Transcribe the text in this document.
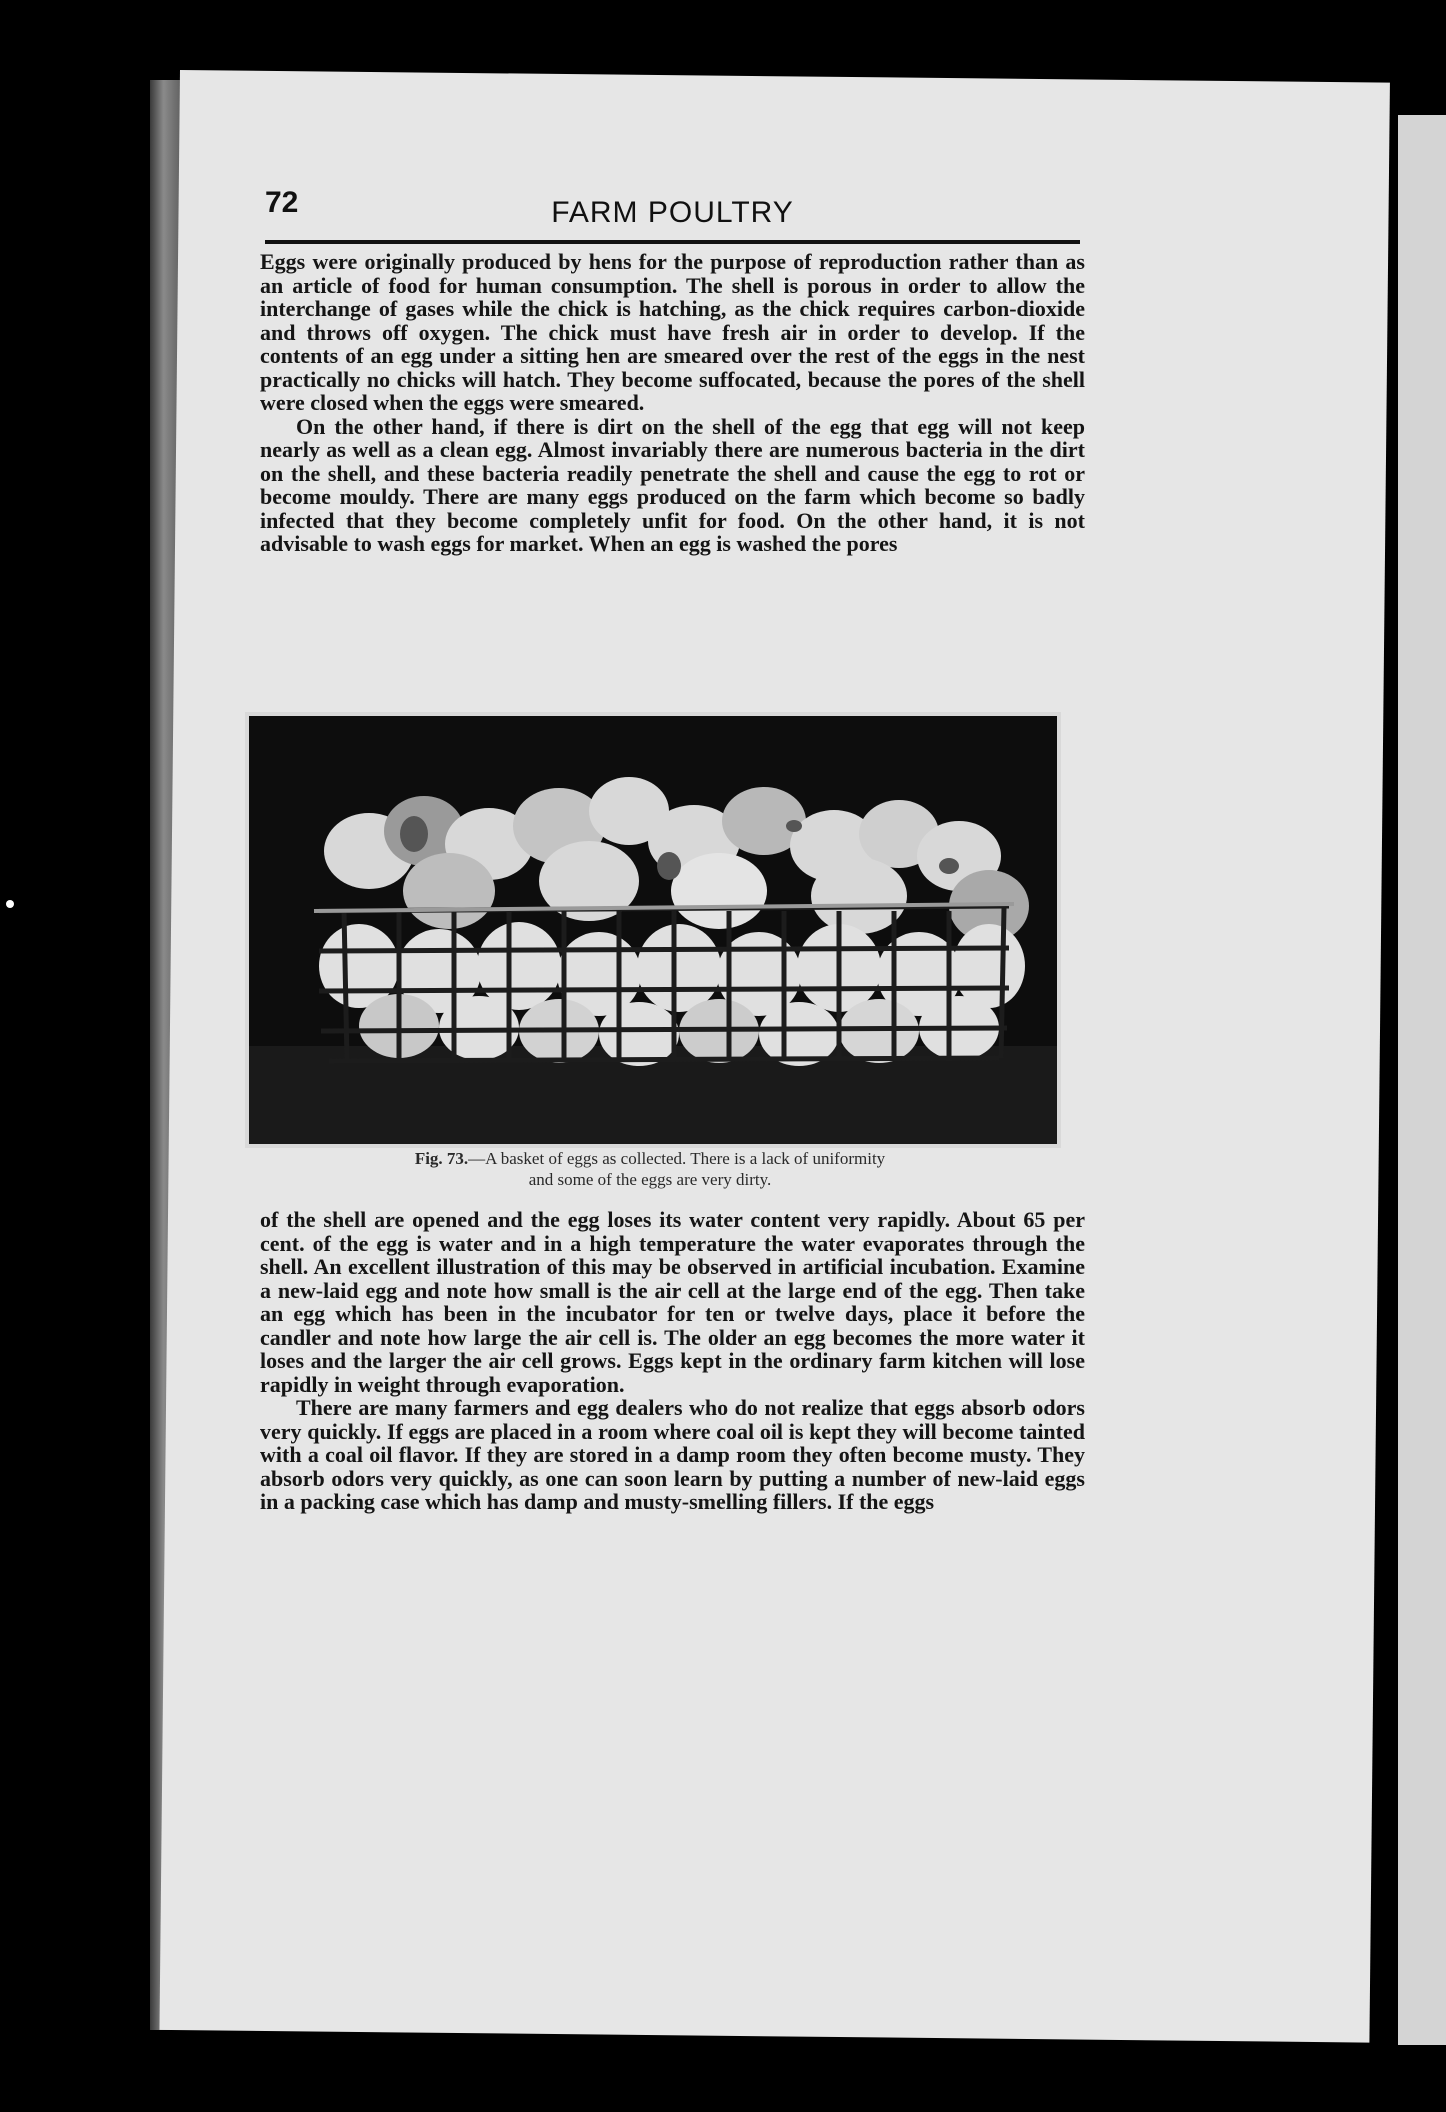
72	FARM POULTRY

Eggs were originally produced by hens for the purpose of reproduction rather than as an article of food for human consumption. The shell is porous in order to allow the interchange of gases while the chick is hatching, as the chick requires carbon-dioxide and throws off oxygen. The chick must have fresh air in order to develop. If the contents of an egg under a sitting hen are smeared over the rest of the eggs in the nest practically no chicks will hatch. They become suffocated, because the pores of the shell were closed when the eggs were smeared.

On the other hand, if there is dirt on the shell of the egg that egg will not keep nearly as well as a clean egg. Almost invariably there are numerous bacteria in the dirt on the shell, and these bacteria readily penetrate the shell and cause the egg to rot or become mouldy. There are many eggs produced on the farm which become so badly infected that they become completely unfit for food. On the other hand, it is not advisable to wash eggs for market. When an egg is washed the pores

Fig. 73.—A basket of eggs as collected. There is a lack of uniformity
and some of the eggs are very dirty.

of the shell are opened and the egg loses its water content very rapidly. About 65 per cent. of the egg is water and in a high temperature the water evaporates through the shell. An excellent illustration of this may be observed in artificial incubation. Examine a new-laid egg and note how small is the air cell at the large end of the egg. Then take an egg which has been in the incubator for ten or twelve days, place it before the candler and note how large the air cell is. The older an egg becomes the more water it loses and the larger the air cell grows. Eggs kept in the ordinary farm kitchen will lose rapidly in weight through evaporation.

There are many farmers and egg dealers who do not realize that eggs absorb odors very quickly. If eggs are placed in a room where coal oil is kept they will become tainted with a coal oil flavor. If they are stored in a damp room they often become musty. They absorb odors very quickly, as one can soon learn by putting a number of new-laid eggs in a packing case which has damp and musty-smelling fillers. If the eggs
